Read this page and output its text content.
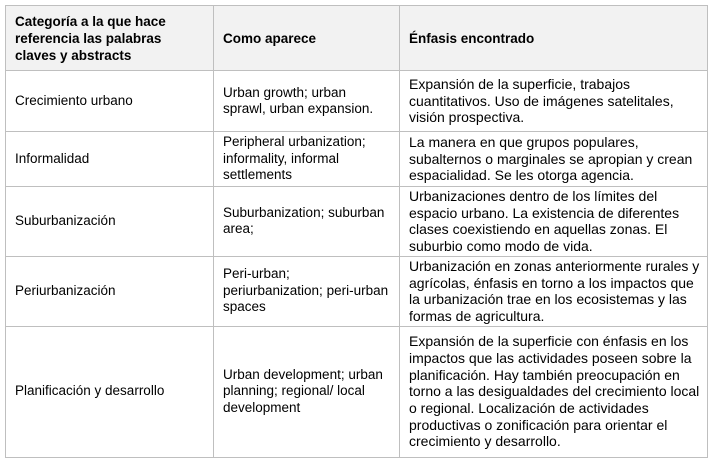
Categoría a la que hace referencia las palabras claves y abstracts	Como aparece	Énfasis encontrado
Crecimiento urbano	Urban growth; urban sprawl, urban expansion.	Expansión de la superficie, trabajos cuantitativos. Uso de imágenes satelitales, visión prospectiva.
Informalidad	Peripheral urbanization; informality, informal settlements	La manera en que grupos populares, subalternos o marginales se apropian y crean espacialidad. Se les otorga agencia.
Suburbanización	Suburbanization; suburban area;	Urbanizaciones dentro de los límites del espacio urbano. La existencia de diferentes clases coexistiendo en aquellas zonas. El suburbio como modo de vida.
Periurbanización	Peri-urban; periurbanization; peri-urban spaces	Urbanización en zonas anteriormente rurales y agrícolas, énfasis en torno a los impactos que la urbanización trae en los ecosistemas y las formas de agricultura.
Planificación y desarrollo	Urban development; urban planning; regional/ local development	Expansión de la superficie con énfasis en los impactos que las actividades poseen sobre la planificación. Hay también preocupación en torno a las desigualdades del crecimiento local o regional. Localización de actividades productivas o zonificación para orientar el crecimiento y desarrollo.
